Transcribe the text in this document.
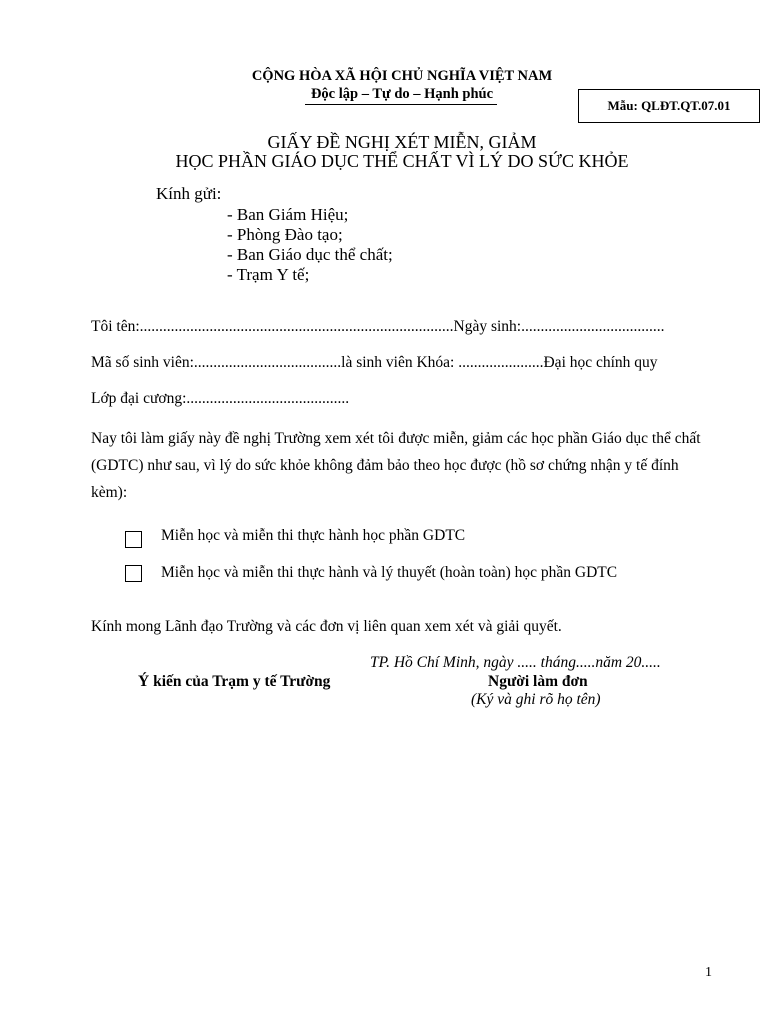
CỘNG HÒA XÃ HỘI CHỦ NGHĨA VIỆT NAM
Độc lập – Tự do – Hạnh phúc
Mẫu: QLĐT.QT.07.01
GIẤY ĐỀ NGHỊ XÉT MIỄN, GIẢM
HỌC PHẦN GIÁO DỤC THỂ CHẤT VÌ LÝ DO SỨC KHỎE
Kính gửi:
- Ban Giám Hiệu;
- Phòng Đào tạo;
- Ban Giáo dục thể chất;
- Trạm Y tế;
Tôi tên:.................................................................................Ngày sinh:.....................................
Mã số sinh viên:......................................là sinh viên Khóa: ......................Đại học chính quy
Lớp đại cương:..........................................
Nay tôi làm giấy này đề nghị Trường xem xét tôi được miễn, giảm các học phần Giáo dục thể chất (GDTC) như sau, vì lý do sức khỏe không đảm bảo theo học được (hồ sơ chứng nhận y tế đính kèm):
Miễn học và miễn thi thực hành học phần GDTC
Miễn học và miễn thi thực hành và lý thuyết (hoàn toàn) học phần GDTC
Kính mong Lãnh đạo Trường và các đơn vị liên quan xem xét và giải quyết.
TP. Hồ Chí Minh, ngày ..... tháng.....năm 20.....
Ý kiến của Trạm y tế Trường	Người làm đơn
(Ký và ghi rõ họ tên)
1
